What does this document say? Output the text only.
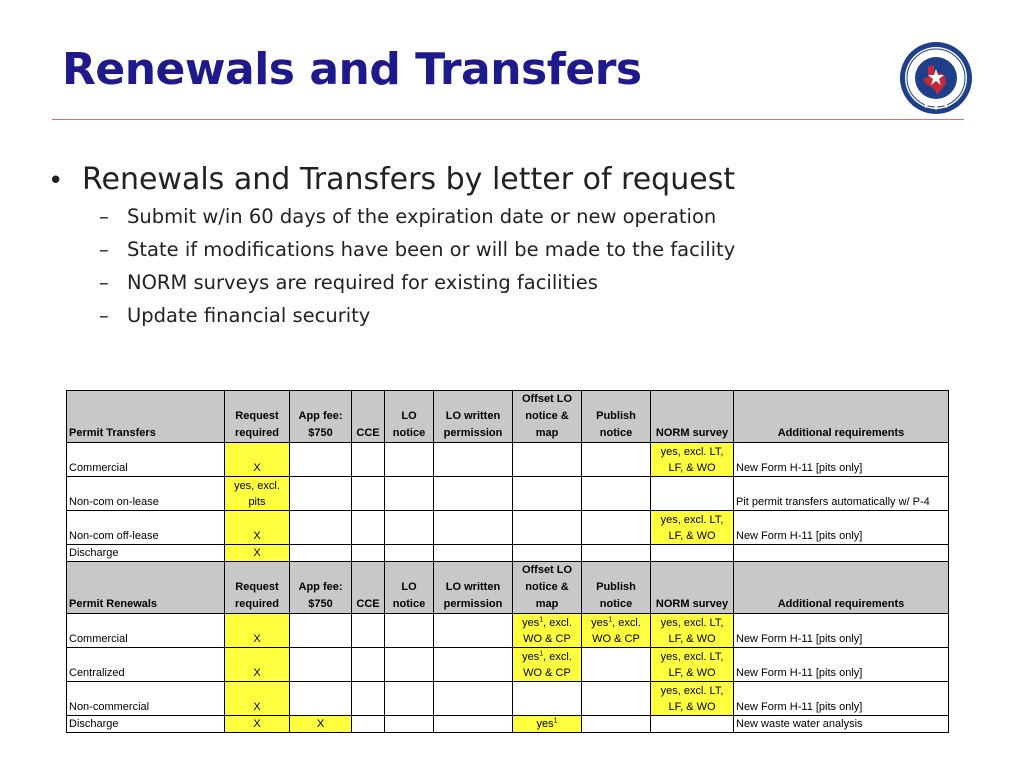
Renewals and Transfers
• Renewals and Transfers by letter of request
– Submit w/in 60 days of the expiration date or new operation
– State if modifications have been or will be made to the facility
– NORM surveys are required for existing facilities
– Update financial security
Permit Transfers	Request required	App fee: $750	CCE	LO notice	LO written permission	Offset LO notice & map	Publish notice	NORM survey	Additional requirements
Commercial	X							yes, excl. LT, LF, & WO	New Form H-11 [pits only]
Non-com on-lease	yes, excl. pits								Pit permit transfers automatically w/ P-4
Non-com off-lease	X							yes, excl. LT, LF, & WO	New Form H-11 [pits only]
Discharge	X								
Permit Renewals	Request required	App fee: $750	CCE	LO notice	LO written permission	Offset LO notice & map	Publish notice	NORM survey	Additional requirements
Commercial	X					yes$^1$, excl. WO & CP	yes$^1$, excl. WO & CP	yes, excl. LT, LF, & WO	New Form H-11 [pits only]
Centralized	X					yes$^1$, excl. WO & CP		yes, excl. LT, LF, & WO	New Form H-11 [pits only]
Non-commercial	X							yes, excl. LT, LF, & WO	New Form H-11 [pits only]
Discharge	X	X				yes$^1$			New waste water analysis
